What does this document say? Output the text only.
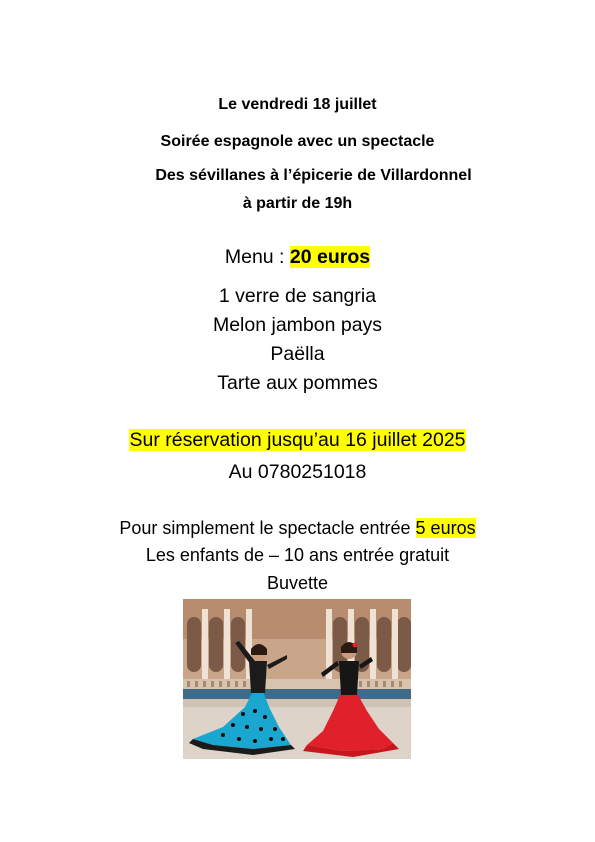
Le vendredi 18 juillet
Soirée espagnole avec un spectacle
Des sévillanes à l’épicerie de Villardonnel
à partir de 19h
Menu : 20 euros
1 verre de sangria
Melon jambon pays
Paëlla
Tarte aux pommes
Sur réservation jusqu’au 16 juillet 2025
Au 0780251018
Pour simplement le spectacle entrée 5 euros
Les enfants de – 10 ans entrée gratuit
Buvette
